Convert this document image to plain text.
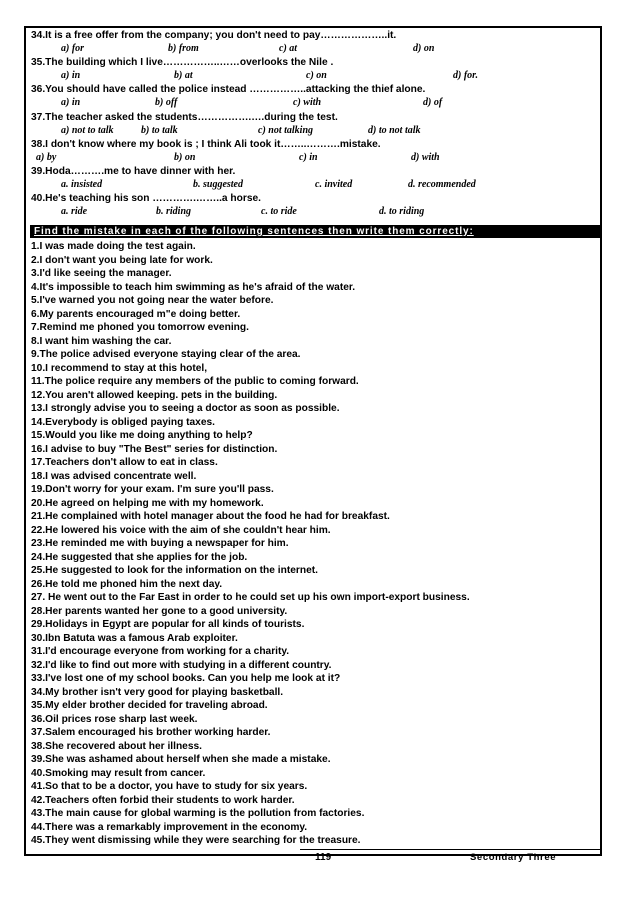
34.It is a free offer from the company; you don't need to pay………………..it.
a) for	b) from	c) at	d) on
35.The building which I live……………..……overlooks the Nile .
a) in	b) at	c) on	d) for.
36.You should have called the police instead ……………..attacking the thief alone.
a) in	b) off	c) with	d) of
37.The teacher asked the students…………….….during the test.
a) not to talk	b) to talk	c) not talking	d) to not talk
38.I don't know where my book is ; I think Ali took it……..……….mistake.
a) by	b) on	c) in	d) with
39.Hoda……….me to have dinner with her.
a. insisted	b. suggested	c. invited	d. recommended
40.He's teaching his son ………….……..a horse.
a. ride	b. riding	c. to ride	d. to riding
Find the mistake in each of the following sentences then write them correctly:
1.I was made doing the test again.
2.I don't want you being late for work.
3.I'd like seeing the manager.
4.It's impossible to teach him swimming as he's afraid of the water.
5.I've warned you not going near the water before.
6.My parents encouraged m"e doing better.
7.Remind me phoned you tomorrow evening.
8.I want him washing the car.
9.The police advised everyone staying clear of the area.
10.I recommend to stay at this hotel,
11.The police require any members of the public to coming forward.
12.You aren't allowed keeping. pets in the building.
13.I strongly advise you to seeing a doctor as soon as possible.
14.Everybody is obliged paying taxes.
15.Would you like me doing anything to help?
16.I advise to buy "The Best" series for distinction.
17.Teachers don't allow to eat in class.
18.I was advised concentrate well.
19.Don't worry for your exam. I'm sure you'll pass.
20.He agreed on helping me with my homework.
21.He complained with hotel manager about the food he had for breakfast.
22.He lowered his voice with the aim of she couldn't hear him.
23.He reminded me with buying a newspaper for him.
24.He suggested that she applies for the job.
25.He suggested to look for the information on the internet.
26.He told me phoned him the next day.
27. He went out to the Far East in order to he could set up his own import-export business.
28.Her parents wanted her gone to a good university.
29.Holidays in Egypt are popular for all kinds of tourists.
30.Ibn Batuta was a famous Arab exploiter.
31.I'd encourage everyone from working for a charity.
32.I'd like to find out more with studying in a different country.
33.I've lost one of my school books. Can you help me look at it?
34.My brother isn't very good for playing basketball.
35.My elder brother decided for traveling abroad.
36.Oil prices rose sharp last week.
37.Salem encouraged his brother working harder.
38.She recovered about her illness.
39.She was ashamed about herself when she made a mistake.
40.Smoking may result from cancer.
41.So that to be a doctor, you have to study for six years.
42.Teachers often forbid their students to work harder.
43.The main cause for global warming is the pollution from factories.
44.There was a remarkably improvement in the economy.
45.They went dismissing while they were searching for the treasure.
119	Secondary Three
